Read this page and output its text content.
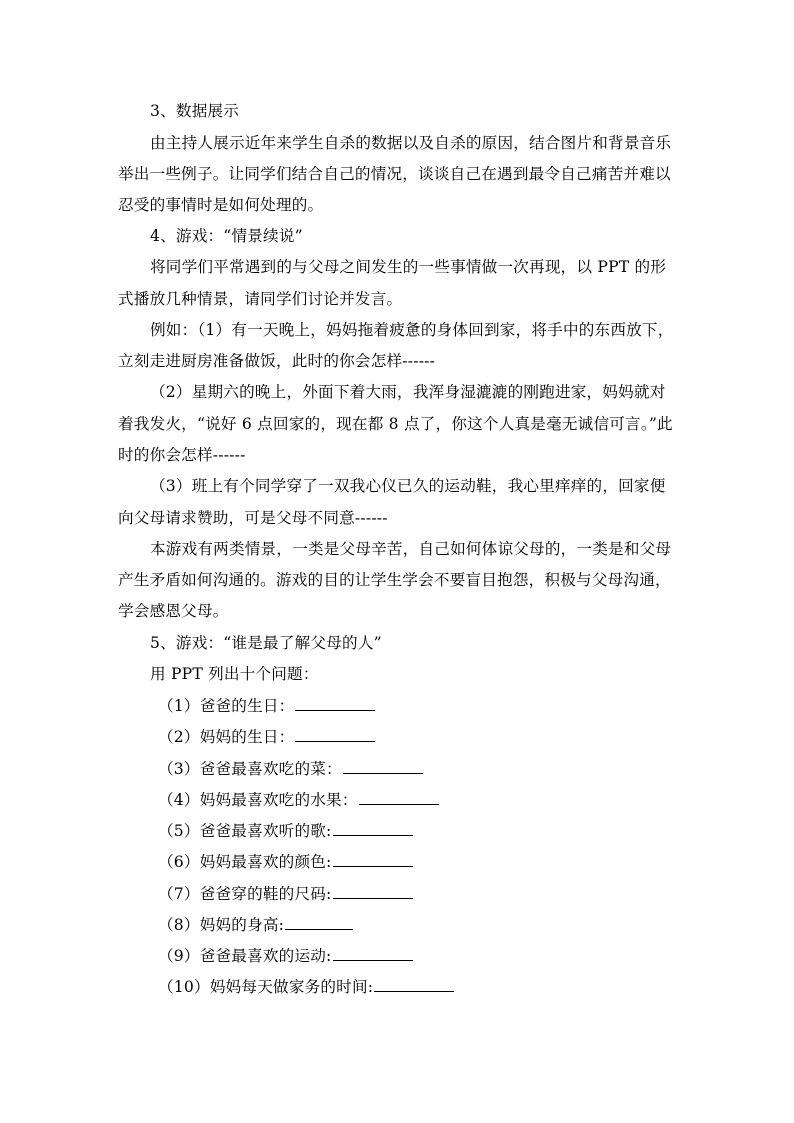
3、数据展示
由主持人展示近年来学生自杀的数据以及自杀的原因，结合图片和背景音乐
举出一些例子。让同学们结合自己的情况，谈谈自己在遇到最令自己痛苦并难以
忍受的事情时是如何处理的。
4、游戏：“情景续说”
将同学们平常遇到的与父母之间发生的一些事情做一次再现，以 PPT 的形
式播放几种情景，请同学们讨论并发言。
例如：（1）有一天晚上，妈妈拖着疲惫的身体回到家，将手中的东西放下，
立刻走进厨房准备做饭，此时的你会怎样------
（2）星期六的晚上，外面下着大雨，我浑身湿漉漉的刚跑进家，妈妈就对
着我发火，“说好 6 点回家的，现在都 8 点了，你这个人真是毫无诚信可言。”此
时的你会怎样------
（3）班上有个同学穿了一双我心仪已久的运动鞋，我心里痒痒的，回家便
向父母请求赞助，可是父母不同意------
本游戏有两类情景，一类是父母辛苦，自己如何体谅父母的，一类是和父母
产生矛盾如何沟通的。游戏的目的让学生学会不要盲目抱怨，积极与父母沟通，
学会感恩父母。
5、游戏：“谁是最了解父母的人”
用 PPT 列出十个问题：
（1）爸爸的生日：
（2）妈妈的生日：
（3）爸爸最喜欢吃的菜：
（4）妈妈最喜欢吃的水果：
（5）爸爸最喜欢听的歌:
（6）妈妈最喜欢的颜色:
（7）爸爸穿的鞋的尺码:
（8）妈妈的身高:
（9）爸爸最喜欢的运动:
（10）妈妈每天做家务的时间:
